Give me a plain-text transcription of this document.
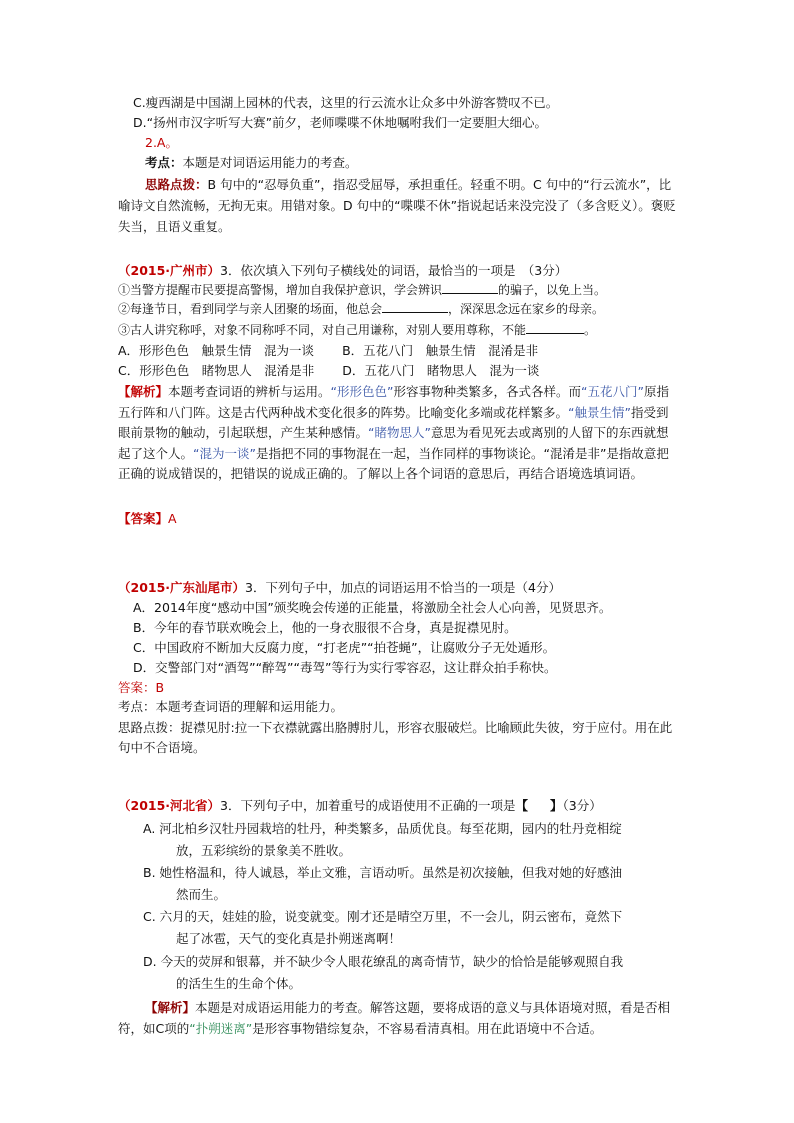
C.瘦西湖是中国湖上园林的代表，这里的行云流水让众多中外游客赞叹不已。
D.“扬州市汉字听写大赛”前夕，老师喋喋不休地嘱咐我们一定要胆大细心。
2.A。
考点：本题是对词语运用能力的考查。
思路点拨：B 句中的“忍辱负重”，指忍受屈辱，承担重任。轻重不明。C 句中的“行云流水”，比喻诗文自然流畅，无拘无束。用错对象。D 句中的“喋喋不休”指说起话来没完没了（多含贬义）。褒贬失当，且语义重复。
（2015·广州市）3．依次填入下列句子横线处的词语，最恰当的一项是　（3分）
①当警方提醒市民要提高警惕，增加自我保护意识，学会辨识	的骗子，以免上当。
②每逢节日，看到同学与亲人团聚的场面，他总会	，深深思念远在家乡的母亲。
③古人讲究称呼，对象不同称呼不同，对自己用谦称，对别人要用尊称，不能	。
A．形形色色　触景生情　混为一谈 B．五花八门　触景生情　混淆是非
C．形形色色　睹物思人　混淆是非 D．五花八门　睹物思人　混为一谈
【解析】本题考查词语的辨析与运用。“形形色色”形容事物种类繁多，各式各样。而“五花八门”原指五行阵和八门阵。这是古代两种战术变化很多的阵势。比喻变化多端或花样繁多。“触景生情”指受到眼前景物的触动，引起联想，产生某种感情。“睹物思人”意思为看见死去或离别的人留下的东西就想起了这个人。“混为一谈”是指把不同的事物混在一起，当作同样的事物谈论。“混淆是非”是指故意把正确的说成错误的，把错误的说成正确的。了解以上各个词语的意思后，再结合语境选填词语。
【答案】A
（2015·广东汕尾市）3．下列句子中，加点的词语运用不恰当的一项是（4分）
A．2014年度“感动中国”颁奖晚会传递的正能量，将激励全社会人心向善，见贤思齐。
B．今年的春节联欢晚会上，他的一身衣服很不合身，真是捉襟见肘。
C．中国政府不断加大反腐力度，“打老虎”“拍苍蝇”，让腐败分子无处遁形。
D．交警部门对“酒驾”“醉驾”“毒驾”等行为实行零容忍，这让群众拍手称快。
答案：B
考点：本题考查词语的理解和运用能力。
思路点拨：捉襟见肘:拉一下衣襟就露出胳膊肘儿，形容衣服破烂。比喻顾此失彼，穷于应付。用在此句中不合语境。
（2015·河北省）3．下列句子中，加着重号的成语使用不正确的一项是【 】（3分）
A. 河北柏乡汉牡丹园栽培的牡丹，种类繁多，品质优良。每至花期，园内的牡丹竞相绽
放，五彩缤纷的景象美不胜收。
B. 她性格温和，待人诚恳，举止文雅，言语动听。虽然是初次接触，但我对她的好感油
然而生。
C. 六月的天，娃娃的脸，说变就变。刚才还是晴空万里，不一会儿，阴云密布，竟然下
起了冰雹，天气的变化真是扑朔迷离啊！
D. 今天的荧屏和银幕，并不缺少令人眼花缭乱的离奇情节，缺少的恰恰是能够观照自我
的活生生的生命个体。
【解析】本题是对成语运用能力的考查。解答这题，要将成语的意义与具体语境对照，看是否相符，如C项的“扑朔迷离”是形容事物错综复杂，不容易看清真相。用在此语境中不合适。
